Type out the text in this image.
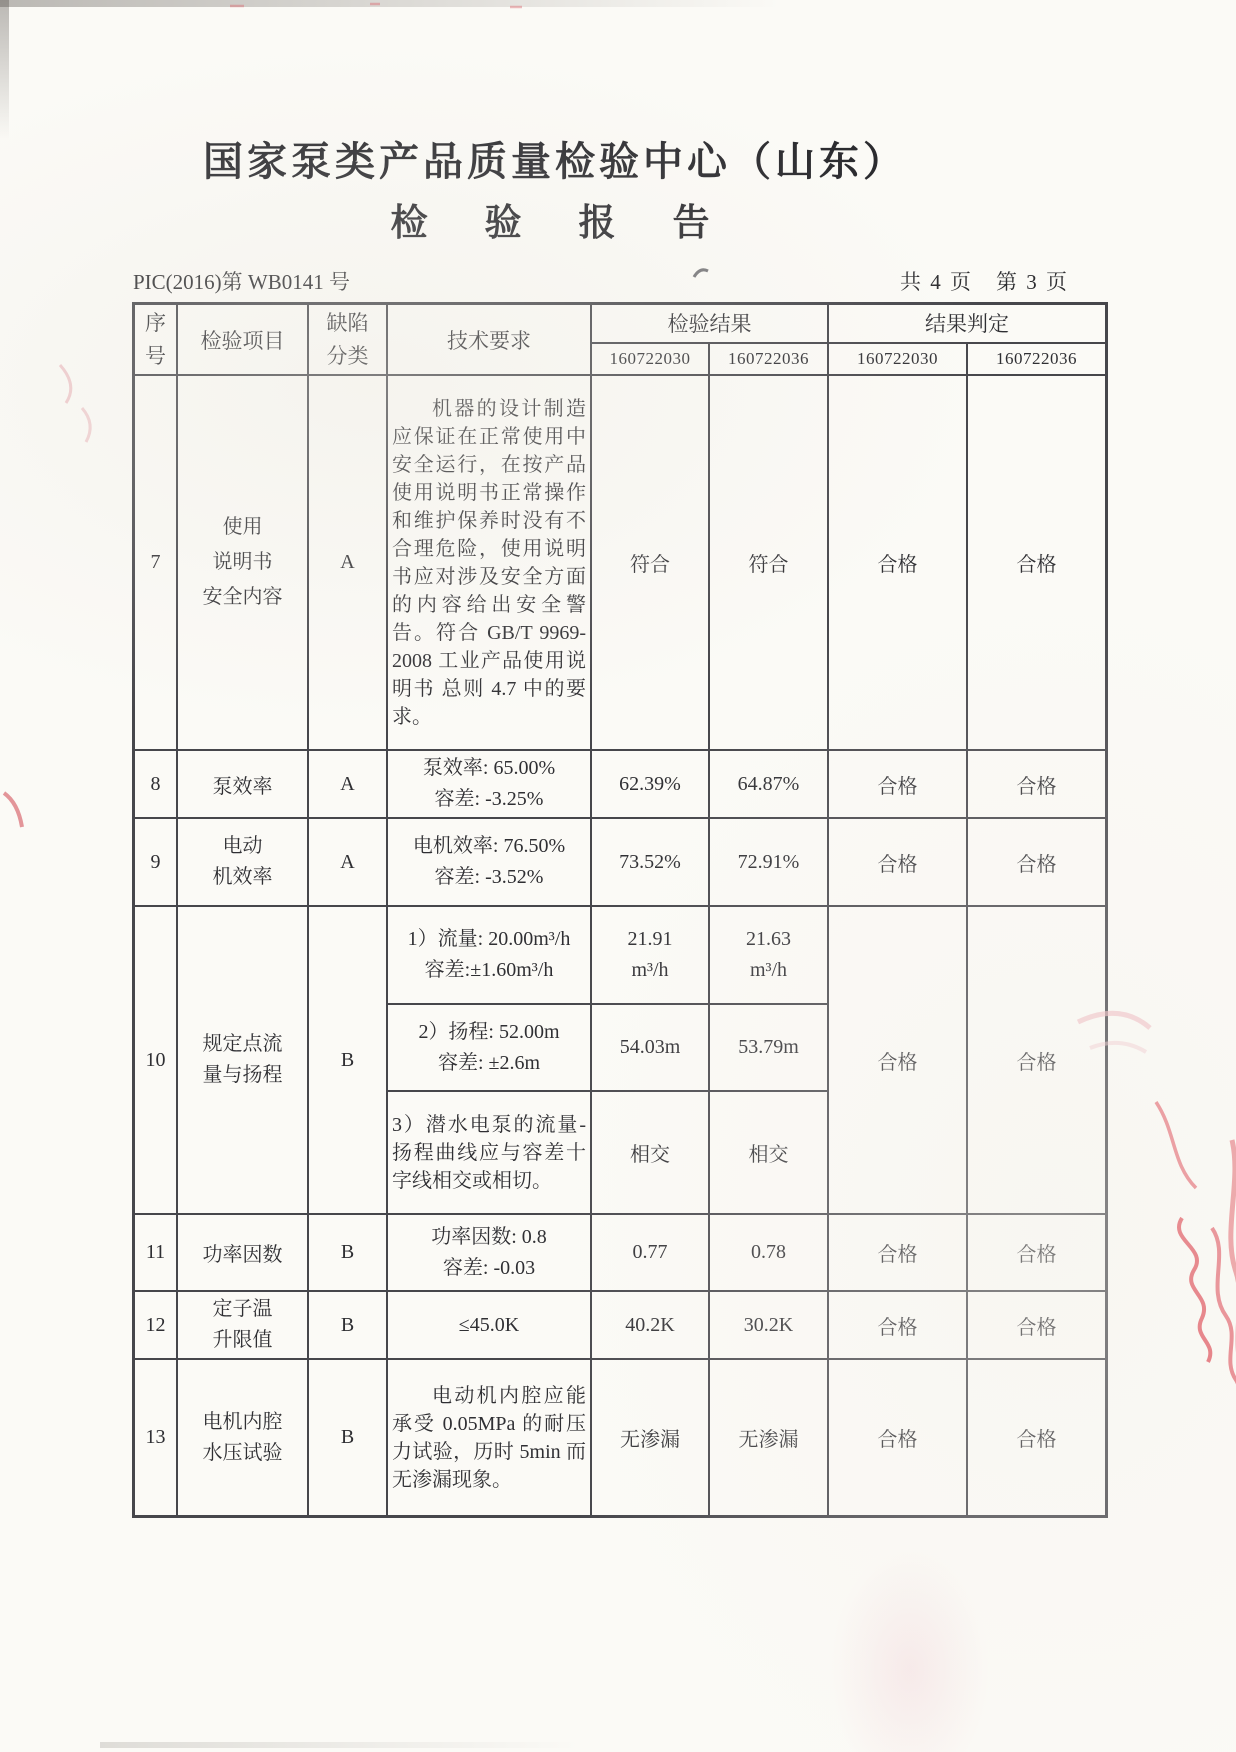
国家泵类产品质量检验中心（山东）
检　验　报　告
PIC(2016)第 WB0141 号	共 4 页　第 3 页
序
号	检验项目	缺陷
分类	技术要求	检验结果		结果判定	
				160722030	160722036	160722030	160722036
7	使用
说明书
安全内容	A	机器的设计制造应保证在正常使用中安全运行，在按产品使用说明书正常操作和维护保养时没有不合理危险，使用说明书应对涉及安全方面的内容给出安全警告。符合 GB/T 9969-2008 工业产品使用说明书 总则 4.7 中的要求。	符合	符合	合格	合格
8	泵效率	A	泵效率: 65.00%
容差: -3.25%	62.39%	64.87%	合格	合格
9	电动
机效率	A	电机效率: 76.50%
容差: -3.52%	73.52%	72.91%	合格	合格
10	规定点流
量与扬程	B	1）流量: 20.00m³/h
容差:±1.60m³/h	21.91
m³/h	21.63
m³/h	合格	合格
			2）扬程: 52.00m
容差: ±2.6m	54.03m	53.79m		

			3）潜水电泵的流量-扬程曲线应与容差十字线相交或相切。	相交	相交		
11	功率因数	B	功率因数: 0.8
容差: -0.03	0.77	0.78	合格	合格
12	定子温
升限值	B	≤45.0K	40.2K	30.2K	合格	合格
13	电机内腔
水压试验	B	电动机内腔应能承受 0.05MPa 的耐压力试验，历时 5min 而无渗漏现象。	无渗漏	无渗漏	合格	合格
